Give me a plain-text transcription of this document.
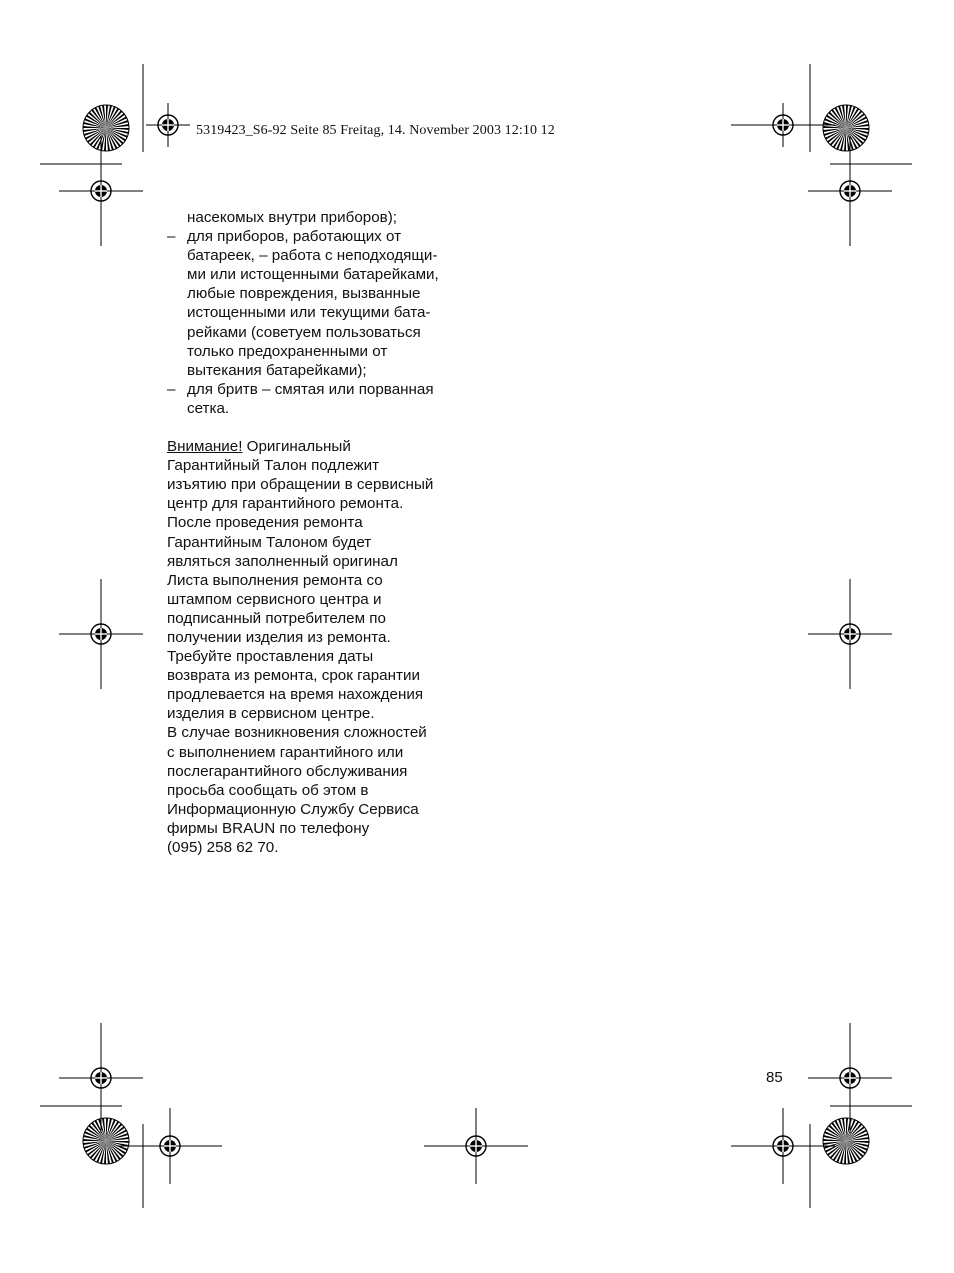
5319423_S6-92 Seite 85 Freitag, 14. November 2003 12:10 12
насекомых внутри приборов);
– для приборов, работающих от
батареек, – работа с неподходящи-
ми или истощенными батарейками,
любые повреждения, вызванные
истощенными или текущими бата-
рейками (советуем пользоваться
только предохраненными от
вытекания батарейками);
– для бритв – смятая или порванная
сетка.
Внимание! Оригинальный
Гарантийный Талон подлежит
изъятию при обращении в сервисный
центр для гарантийного ремонта.
После проведения ремонта
Гарантийным Талоном будет
являться заполненный оригинал
Листа выполнения ремонта со
штампом сервисного центра и
подписанный потребителем по
получении изделия из ремонта.
Требуйте проставления даты
возврата из ремонта, срок гарантии
продлевается на время нахождения
изделия в сервисном центре.
В случае возникновения сложностей
с выполнением гарантийного или
послегарантийного обслуживания
просьба сообщать об этом в
Информационную Службу Сервиса
фирмы BRAUN по телефону
(095) 258 62 70.
85
